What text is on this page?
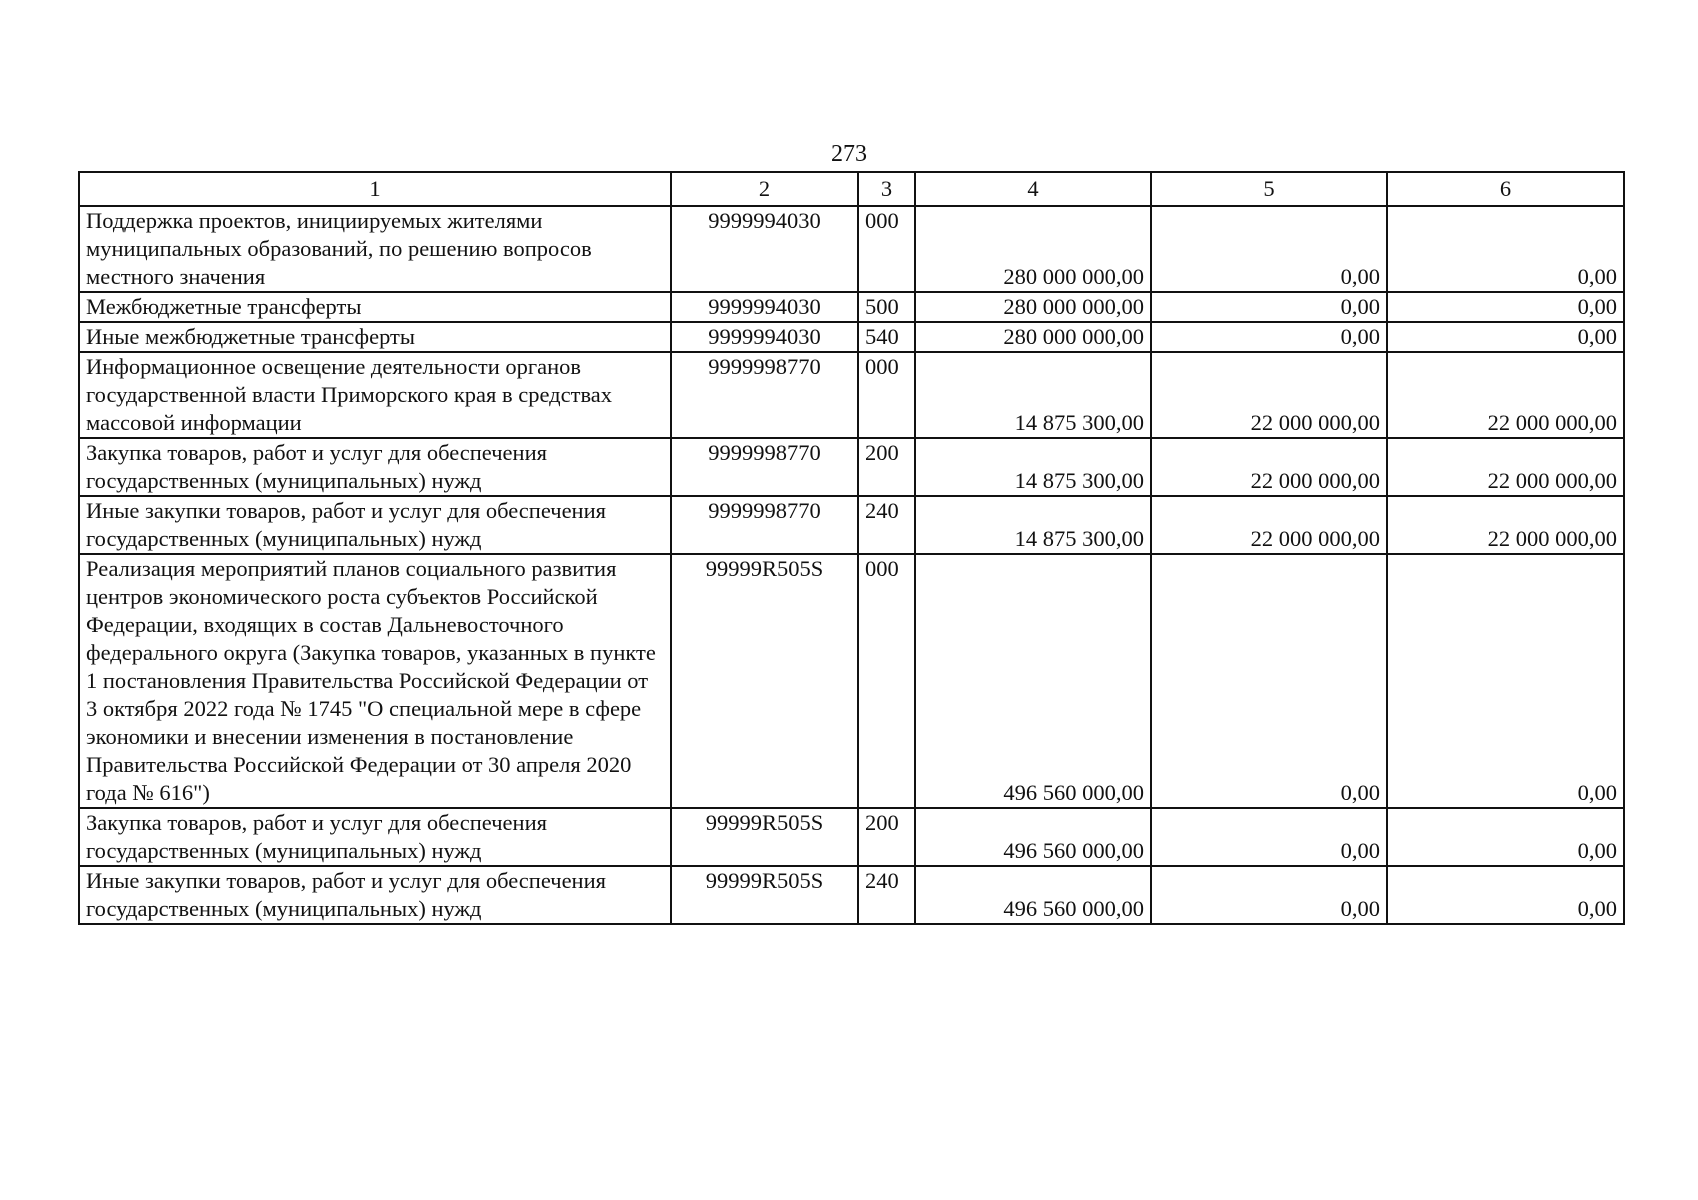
273
1	2	3	4	5	6
Поддержка проектов, инициируемых жителями муниципальных образований, по решению вопросов местного значения	9999994030	000	280 000 000,00	0,00	0,00
Межбюджетные трансферты	9999994030	500	280 000 000,00	0,00	0,00
Иные межбюджетные трансферты	9999994030	540	280 000 000,00	0,00	0,00
Информационное освещение деятельности органов государственной власти Приморского края в средствах массовой информации	9999998770	000	14 875 300,00	22 000 000,00	22 000 000,00
Закупка товаров, работ и услуг для обеспечения государственных (муниципальных) нужд	9999998770	200	14 875 300,00	22 000 000,00	22 000 000,00
Иные закупки товаров, работ и услуг для обеспечения государственных (муниципальных) нужд	9999998770	240	14 875 300,00	22 000 000,00	22 000 000,00
Реализация мероприятий планов социального развития центров экономического роста субъектов Российской Федерации, входящих в состав Дальневосточного федерального округа (Закупка товаров, указанных в пункте 1 постановления Правительства Российской Федерации от 3 октября 2022 года № 1745 "О специальной мере в сфере экономики и внесении изменения в постановление Правительства Российской Федерации от 30 апреля 2020 года № 616")	99999R505S	000	496 560 000,00	0,00	0,00
Закупка товаров, работ и услуг для обеспечения государственных (муниципальных) нужд	99999R505S	200	496 560 000,00	0,00	0,00
Иные закупки товаров, работ и услуг для обеспечения государственных (муниципальных) нужд	99999R505S	240	496 560 000,00	0,00	0,00
